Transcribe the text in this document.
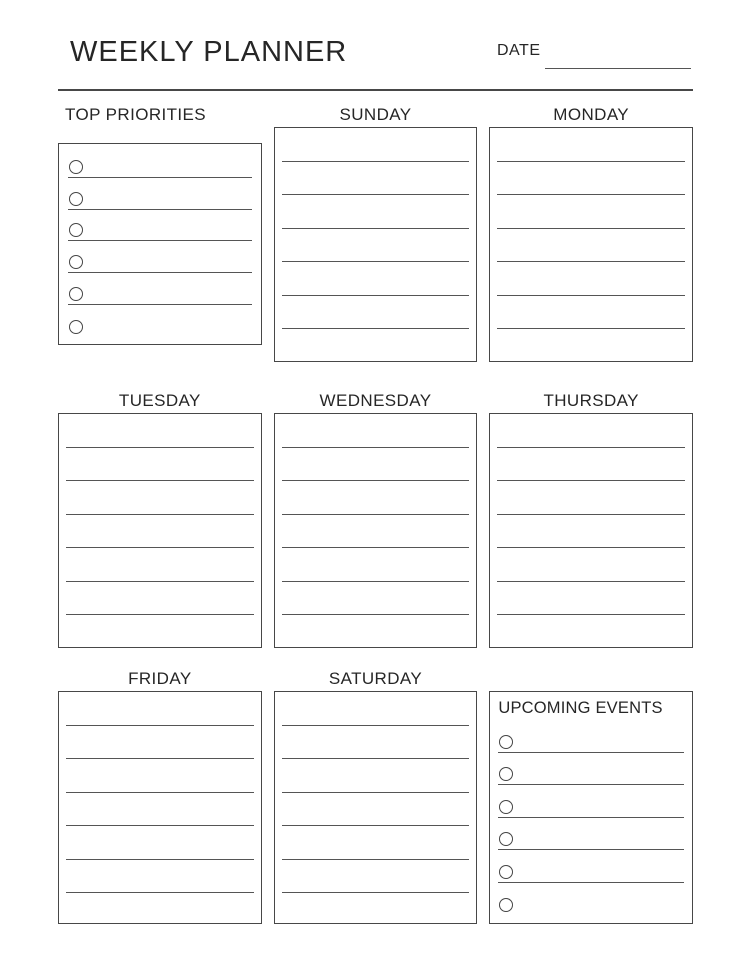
WEEKLY PLANNER	DATE
TOP PRIORITIES	SUNDAY	MONDAY
TUESDAY	WEDNESDAY	THURSDAY
FRIDAY	SATURDAY
UPCOMING EVENTS
